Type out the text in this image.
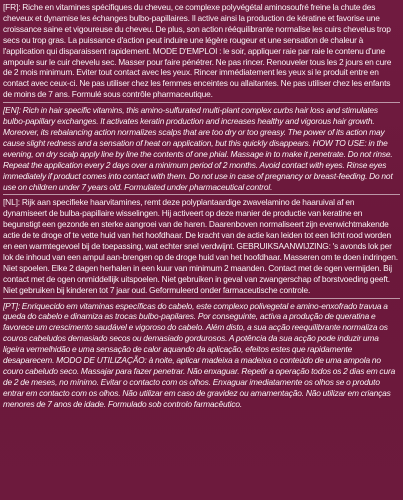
[FR]: Riche en vitamines spécifiques du cheveu, ce complexe polyvégétal aminosoufré freine la chute des cheveux et dynamise les échanges bulbo-papillaires. Il active ainsi la production de kératine et favorise une croissance saine et vigoureuse du cheveu. De plus, son action rééquilibrante normalise les cuirs chevelus trop secs ou trop gras. La puissance d'action peut induire une légère rougeur et une sensation de chaleur à l'application qui disparaissent rapidement. MODE D'EMPLOI : le soir, appliquer raie par raie le contenu d'une ampoule sur le cuir chevelu sec. Masser pour faire pénétrer. Ne pas rincer. Renouveler tous les 2 jours en cure de 2 mois minimum. Eviter tout contact avec les yeux. Rincer immédiatement les yeux si le produit entre en contact avec ceux-ci. Ne pas utiliser chez les femmes enceintes ou allaitantes. Ne pas utiliser chez les enfants de moins de 7 ans. Formulé sous contrôle pharmaceutique.

[EN]: Rich in hair specific vitamins, this amino-sulfurated multi-plant complex curbs hair loss and stimulates bulbo-papillary exchanges. It activates keratin production and increases healthy and vigorous hair growth. Moreover, its rebalancing action normalizes scalps that are too dry or too greasy. The power of its action may cause slight redness and a sensation of heat on application, but this quickly disappears. HOW TO USE: in the evening, on dry scalp apply line by line the contents of one phial. Massage in to make it penetrate. Do not rinse. Repeat the application every 2 days over a minimum period of 2 months. Avoid contact with eyes. Rinse eyes immediately if product comes into contact with them. Do not use in case of pregnancy or breast-feeding. Do not use on children under 7 years old. Formulated under pharmaceutical control.

[NL]: Rijk aan specifieke haarvitamines, remt deze polyplantaardige zwavelamino de haaruival af en dynamiseert de bulba-papillaire wisselingen. Hij activeert op deze manier de productie van keratine en begunstigt een gezonde en sterke aangroei van de haren. Daarenboven normaliseert zijn evenwichtmakende actie de te droge of te vette huid van het hoofdhaar. De kracht van de actie kan leiden tot een licht rood worden en een warmtegevoel bij de toepassing, wat echter snel verdwijnt. GEBRUIKSAANWIJZING: 's avonds lok per lok de inhoud van een ampul aan-brengen op de droge huid van het hoofdhaar. Masseren om te doen indringen. Niet spoelen. Elke 2 dagen herhalen in een kuur van minimum 2 maanden. Contact met de ogen vermijden. Bij contact met de ogen onmiddellijk uitspoelen. Niet gebruiken in geval van zwangerschap of borstvoeding geeft. Niet gebruiken bij kinderen tot 7 jaar oud. Geformuleerd onder farmaceutische controle.

[PT]: Enriquecido em vitaminas específicas do cabelo, este complexo polivegetal e amino-enxofrado travua a queda do cabelo e dinamiza as trocas bulbo-papilares. Por conseguinte, activa a produção de queratina e favorece um crescimento saudável e vigoroso do cabelo. Além disto, a sua acção reequilibrante normaliza os couros cabeludos demasiado secos ou demasiado gordurosos. A potência da sua acção pode induzir uma ligeira vermelhidão e uma sensação de calor aquando da aplicação, efeitos estes que rapidamente desaparecem. MODO DE UTILIZAÇÃO: à noite, aplicar madeixa a madeixa o conteúdo de uma ampola no couro cabeludo seco. Massajar para fazer penetrar. Não enxaguar. Repetir a operação todos os 2 dias em cura de 2 de meses, no mínimo. Evitar o contacto com os olhos. Enxaguar imediatamente os olhos se o produto entrar em contacto com os olhos. Não utilizar em caso de gravidez ou amamentação. Não utilizar em crianças menores de 7 anos de idade. Formulado sob controlo farmacêutico.
